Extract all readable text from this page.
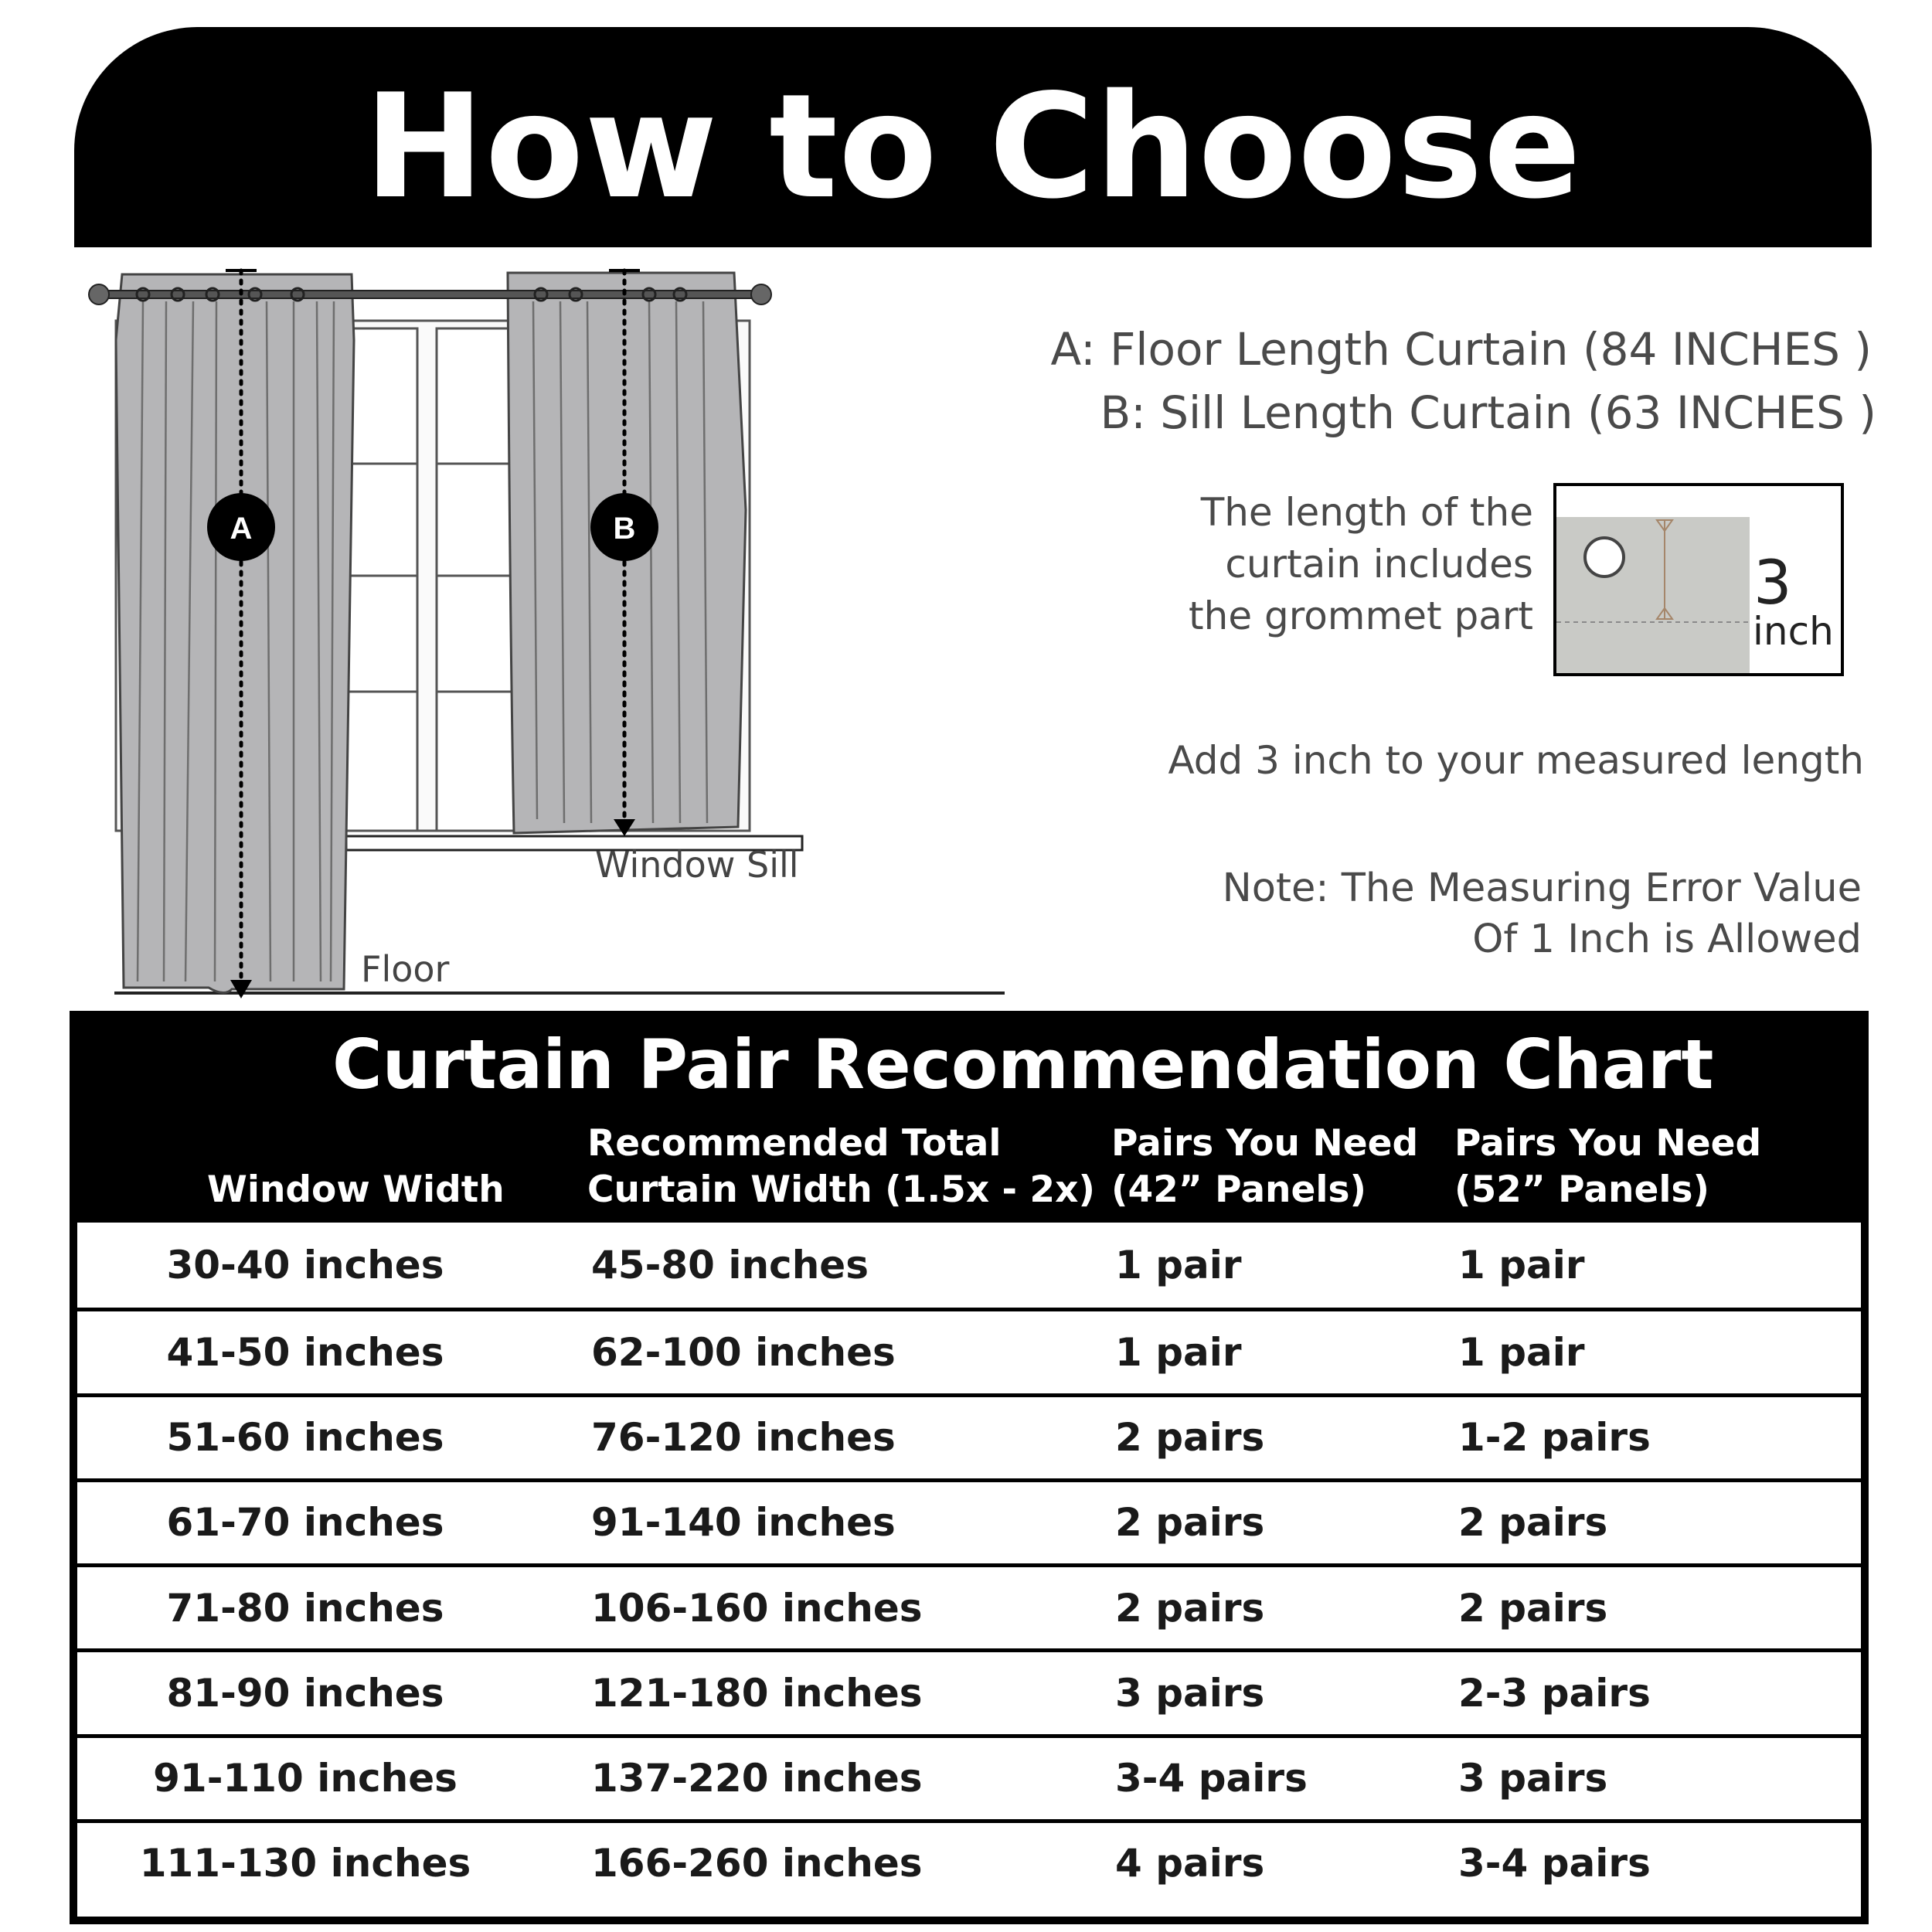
How to Choose
A	B
Window Sill
Floor
A: Floor Length Curtain (84 INCHES )
B: Sill Length Curtain (63 INCHES )
The length of the
curtain includes
the grommet part	3
inch
Add 3 inch to your measured length
Note: The Measuring Error Value
Of 1 Inch is Allowed
Curtain Pair Recommendation Chart
Window Width
Recommended Total
Curtain Width (1.5x - 2x)
Pairs You Need
(42” Panels)
Pairs You Need
(52” Panels)
30-40 inches	45-80 inches	1 pair	1 pair
41-50 inches	62-100 inches	1 pair	1 pair
51-60 inches	76-120 inches	2 pairs	1-2 pairs
61-70 inches	91-140 inches	2 pairs	2 pairs
71-80 inches	106-160 inches	2 pairs	2 pairs
81-90 inches	121-180 inches	3 pairs	2-3 pairs
91-110 inches	137-220 inches	3-4 pairs	3 pairs
111-130 inches	166-260 inches	4 pairs	3-4 pairs
